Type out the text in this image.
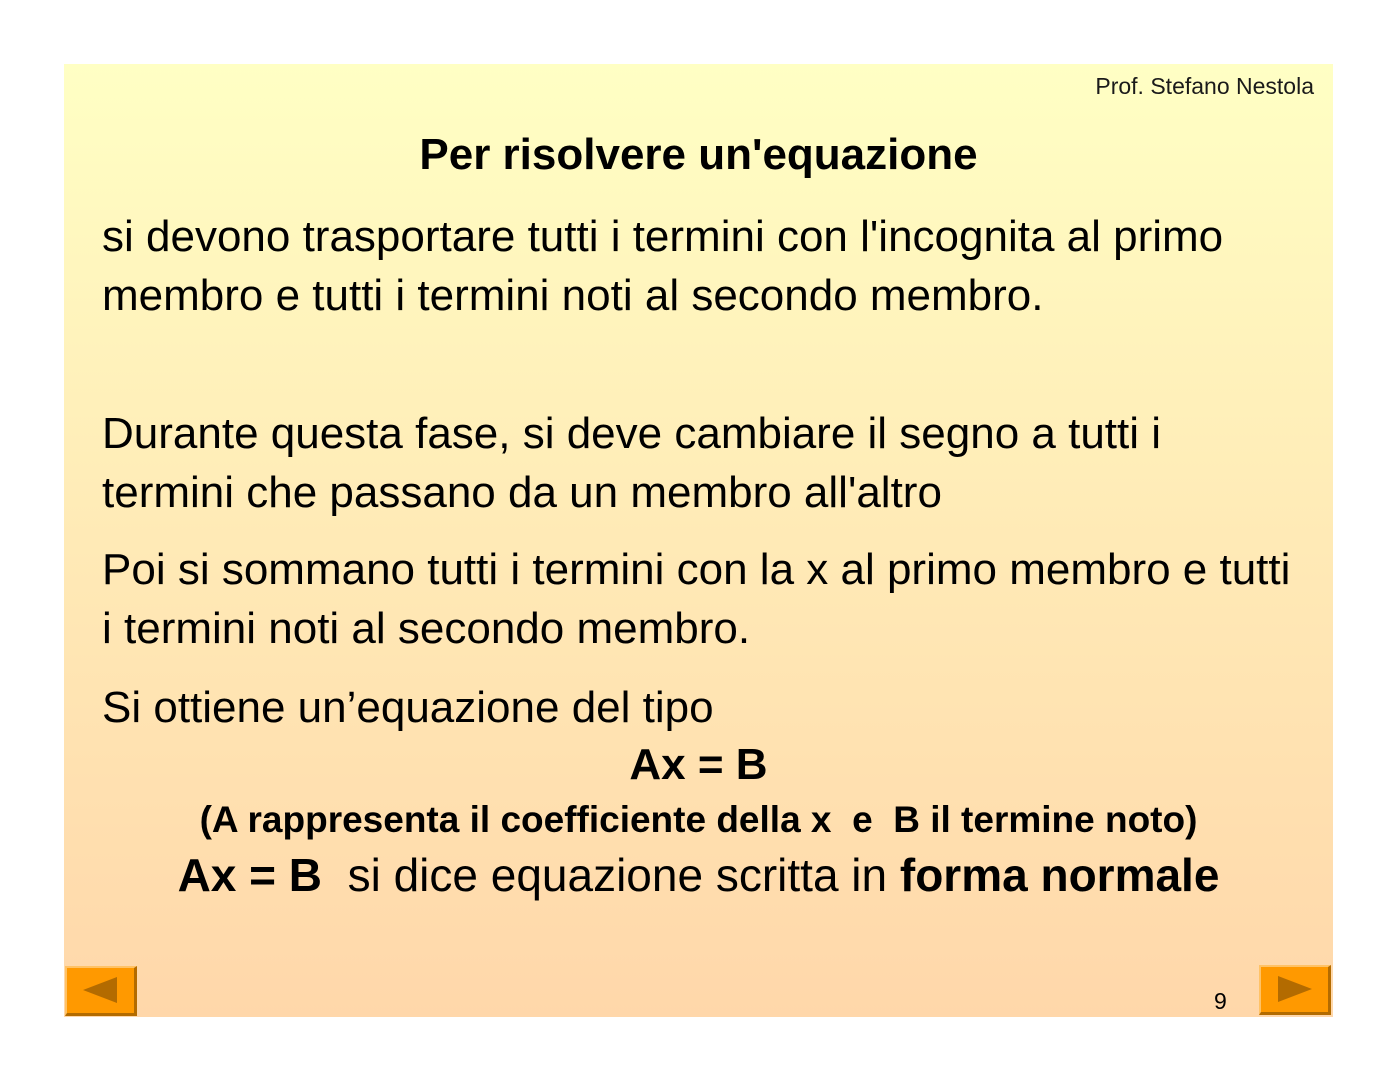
Prof. Stefano Nestola
Per risolvere un'equazione

si devono trasportare tutti i termini con l'incognita al primo membro e tutti i termini noti al secondo membro.

Durante questa fase, si deve cambiare il segno a tutti i termini che passano da un membro all'altro

Poi si sommano tutti i termini con la x al primo membro e tutti i termini noti al secondo membro.

Si ottiene un’equazione del tipo

Ax = B
(A rappresenta il coefficiente della x  e  B il termine noto)
Ax = B  si dice equazione scritta in forma normale
9
